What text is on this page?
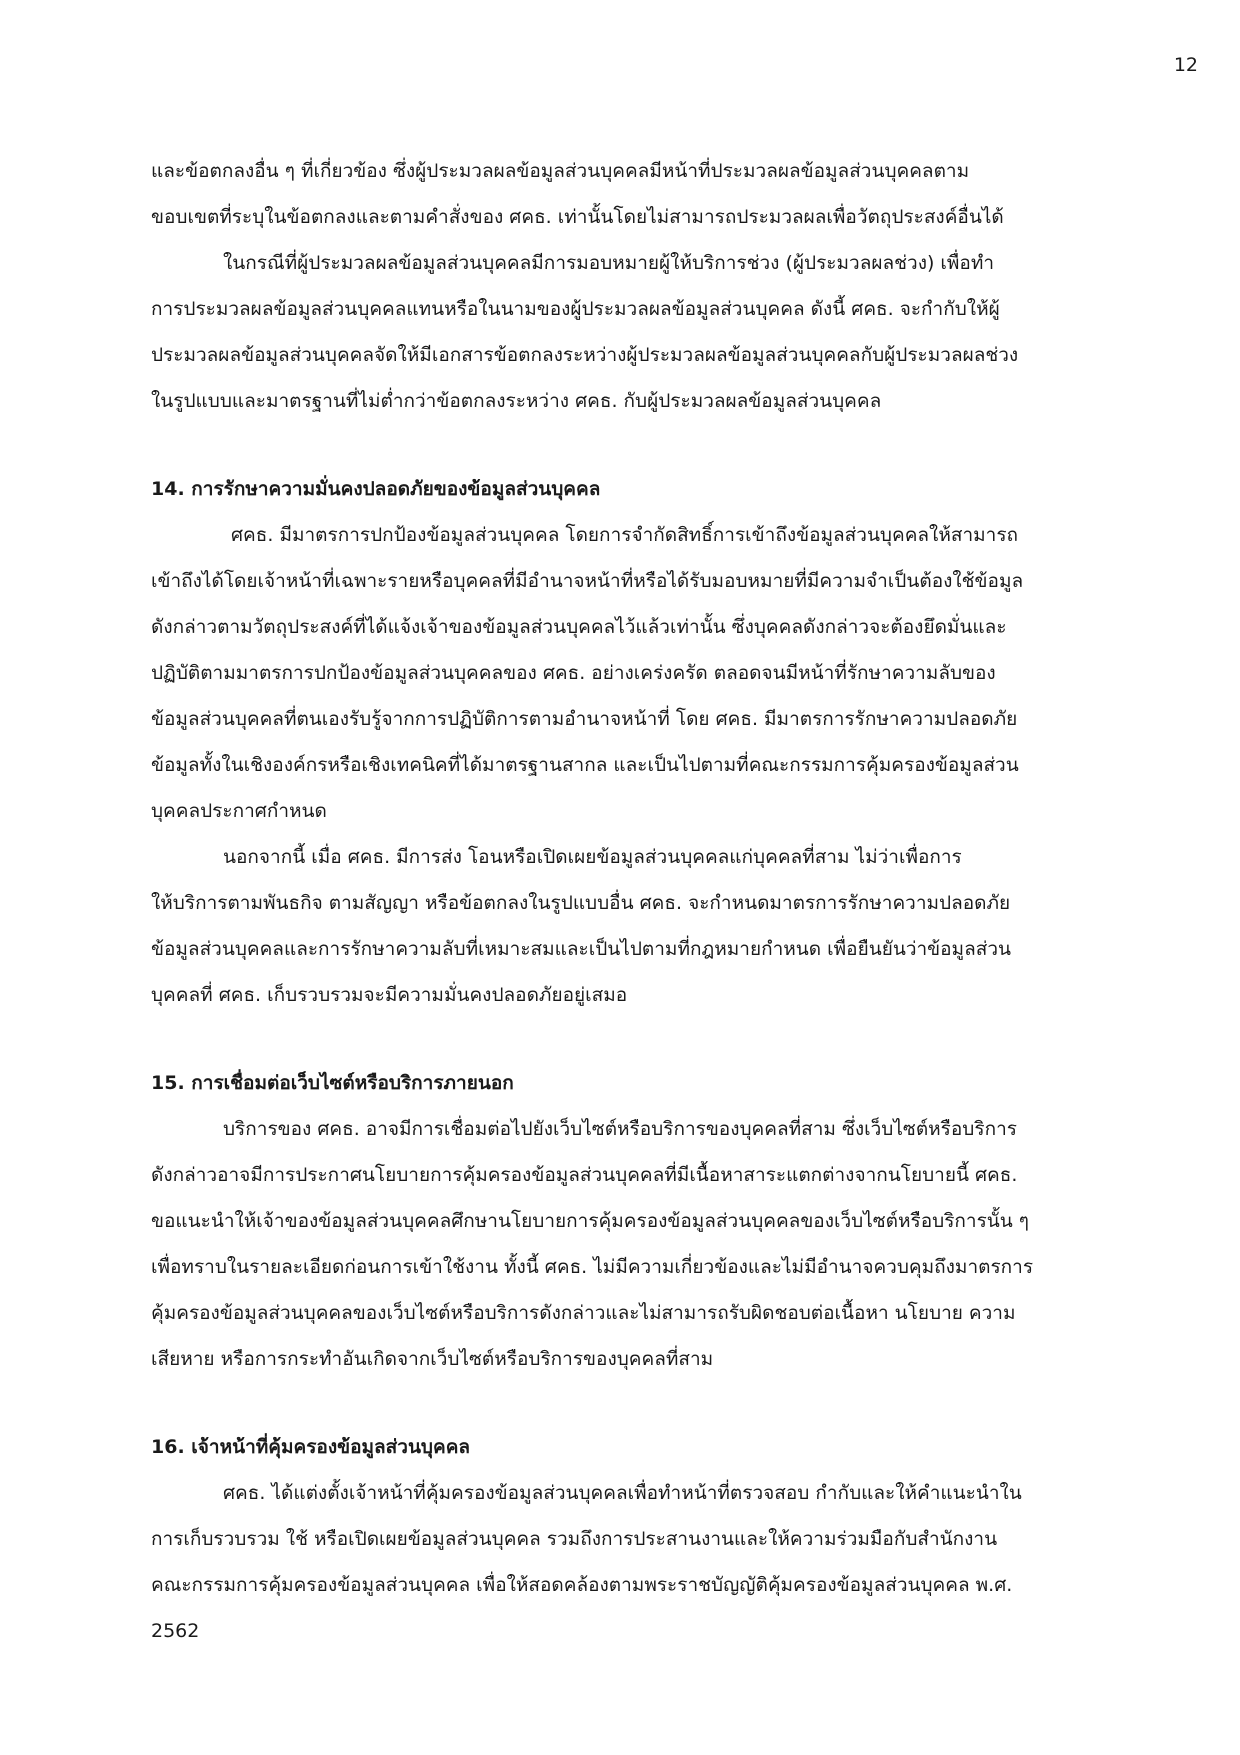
12
และข้อตกลงอื่น ๆ ที่เกี่ยวข้อง ซึ่งผู้ประมวลผลข้อมูลส่วนบุคคลมีหน้าที่ประมวลผลข้อมูลส่วนบุคคลตาม
ขอบเขตที่ระบุในข้อตกลงและตามคำสั่งของ ศคธ. เท่านั้นโดยไม่สามารถประมวลผลเพื่อวัตถุประสงค์อื่นได้
ในกรณีที่ผู้ประมวลผลข้อมูลส่วนบุคคลมีการมอบหมายผู้ให้บริการช่วง (ผู้ประมวลผลช่วง) เพื่อทำ
การประมวลผลข้อมูลส่วนบุคคลแทนหรือในนามของผู้ประมวลผลข้อมูลส่วนบุคคล ดังนี้ ศคธ. จะกำกับให้ผู้
ประมวลผลข้อมูลส่วนบุคคลจัดให้มีเอกสารข้อตกลงระหว่างผู้ประมวลผลข้อมูลส่วนบุคคลกับผู้ประมวลผลช่วง
ในรูปแบบและมาตรฐานที่ไม่ต่ำกว่าข้อตกลงระหว่าง ศคธ. กับผู้ประมวลผลข้อมูลส่วนบุคคล
14. การรักษาความมั่นคงปลอดภัยของข้อมูลส่วนบุคคล
ศคธ. มีมาตรการปกป้องข้อมูลส่วนบุคคล โดยการจำกัดสิทธิ์การเข้าถึงข้อมูลส่วนบุคคลให้สามารถ
เข้าถึงได้โดยเจ้าหน้าที่เฉพาะรายหรือบุคคลที่มีอำนาจหน้าที่หรือได้รับมอบหมายที่มีความจำเป็นต้องใช้ข้อมูล
ดังกล่าวตามวัตถุประสงค์ที่ได้แจ้งเจ้าของข้อมูลส่วนบุคคลไว้แล้วเท่านั้น ซึ่งบุคคลดังกล่าวจะต้องยึดมั่นและ
ปฏิบัติตามมาตรการปกป้องข้อมูลส่วนบุคคลของ ศคธ. อย่างเคร่งครัด ตลอดจนมีหน้าที่รักษาความลับของ
ข้อมูลส่วนบุคคลที่ตนเองรับรู้จากการปฏิบัติการตามอำนาจหน้าที่ โดย ศคธ. มีมาตรการรักษาความปลอดภัย
ข้อมูลทั้งในเชิงองค์กรหรือเชิงเทคนิคที่ได้มาตรฐานสากล และเป็นไปตามที่คณะกรรมการคุ้มครองข้อมูลส่วน
บุคคลประกาศกำหนด
นอกจากนี้ เมื่อ ศคธ. มีการส่ง โอนหรือเปิดเผยข้อมูลส่วนบุคคลแก่บุคคลที่สาม ไม่ว่าเพื่อการ
ให้บริการตามพันธกิจ ตามสัญญา หรือข้อตกลงในรูปแบบอื่น ศคธ. จะกำหนดมาตรการรักษาความปลอดภัย
ข้อมูลส่วนบุคคลและการรักษาความลับที่เหมาะสมและเป็นไปตามที่กฎหมายกำหนด เพื่อยืนยันว่าข้อมูลส่วน
บุคคลที่ ศคธ. เก็บรวบรวมจะมีความมั่นคงปลอดภัยอยู่เสมอ
15. การเชื่อมต่อเว็บไซต์หรือบริการภายนอก
บริการของ ศคธ. อาจมีการเชื่อมต่อไปยังเว็บไซต์หรือบริการของบุคคลที่สาม ซึ่งเว็บไซต์หรือบริการ
ดังกล่าวอาจมีการประกาศนโยบายการคุ้มครองข้อมูลส่วนบุคคลที่มีเนื้อหาสาระแตกต่างจากนโยบายนี้ ศคธ.
ขอแนะนำให้เจ้าของข้อมูลส่วนบุคคลศึกษานโยบายการคุ้มครองข้อมูลส่วนบุคคลของเว็บไซต์หรือบริการนั้น ๆ
เพื่อทราบในรายละเอียดก่อนการเข้าใช้งาน ทั้งนี้ ศคธ. ไม่มีความเกี่ยวข้องและไม่มีอำนาจควบคุมถึงมาตรการ
คุ้มครองข้อมูลส่วนบุคคลของเว็บไซต์หรือบริการดังกล่าวและไม่สามารถรับผิดชอบต่อเนื้อหา นโยบาย ความ
เสียหาย หรือการกระทำอันเกิดจากเว็บไซต์หรือบริการของบุคคลที่สาม
16. เจ้าหน้าที่คุ้มครองข้อมูลส่วนบุคคล
ศคธ. ได้แต่งตั้งเจ้าหน้าที่คุ้มครองข้อมูลส่วนบุคคลเพื่อทำหน้าที่ตรวจสอบ กำกับและให้คำแนะนำใน
การเก็บรวบรวม ใช้ หรือเปิดเผยข้อมูลส่วนบุคคล รวมถึงการประสานงานและให้ความร่วมมือกับสำนักงาน
คณะกรรมการคุ้มครองข้อมูลส่วนบุคคล เพื่อให้สอดคล้องตามพระราชบัญญัติคุ้มครองข้อมูลส่วนบุคคล พ.ศ.
2562
